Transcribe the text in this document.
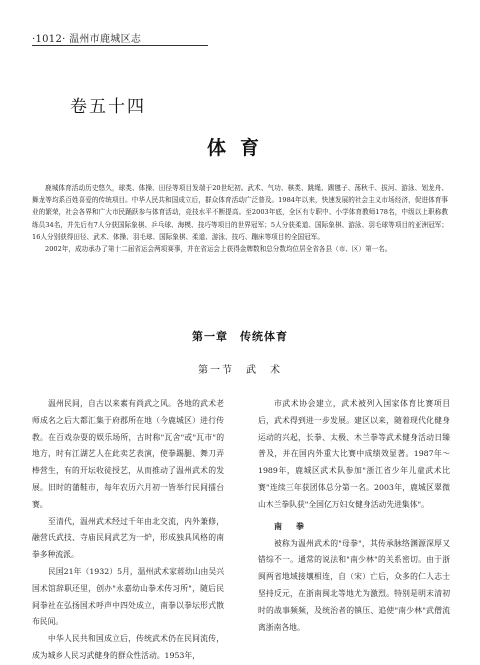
·1012· 温州市鹿城区志
卷五十四
体育

鹿城体育活动历史悠久，球类、体操、田径等项目发端于20世纪初。武术、气功、棋类、跳绳、踢毽子、荡秋千、拔河、游泳、划龙舟、舞龙等均系百姓喜爱的传统项目。中华人民共和国成立后，群众体育活动广泛普及。1984年以来，快速发展的社会主义市场经济，促进体育事业的繁荣，社会各界和广大市民踊跃参与体育活动，竞技水平不断提高。至2003年底，全区有专职中、小学体育教师178名，中级以上职称教练员34名，并先后有7人分获国际象棋、乒乓球、海模、技巧等项目的世界冠军；5人分获柔道、国际象棋、游泳、羽毛球等项目的亚洲冠军；16人分别获得田径、武术、体操、羽毛球、国际象棋、柔道、游泳、技巧、蹦床等项目的全国冠军。

2002年，成功承办了第十二届省运会两项赛事，并在省运会上获得金牌数和总分数均位居全省各县（市、区）第一名。

第一章　传统体育
第一节　武　术

温州民间，自古以来素有尚武之风。各地的武术老师成名之后大都汇集于府郡所在地（今鹿城区）进行传教。在百戏杂耍的娱乐场所，古时称"瓦舍"或"瓦市"的地方，时有江湖艺人在此卖艺表演，使拳踢腿、舞刀弄棒营生，有的开坛收徒授艺，从而推动了温州武术的发展。旧时的蒲鞋市，每年农历六月初一皆举行民间擂台赛。

至清代，温州武术经过千年由北交流，内外兼修，融营氏武技、寺庙民间武艺为一炉，形成独具风格的南拳多种流派。

民国21年（1932）5月，温州武术家蒋幼山由吴兴国术馆辞职还里，创办"永嘉幼山拳术传习所"，随后民间拳社在弘扬国术呼声中四处成立，南拳以拳坛形式散布民间。

中华人民共和国成立后，传统武术仍在民间流传，成为城乡人民习武健身的群众性活动。1953年，

市武术协会建立，武术被列入国家体育比赛项目后，武术得到进一步发展。建区以来，随着现代化健身运动的兴起，长拳、太极、木兰拳等武术健身活动日臻普及，并在国内外重大比赛中成绩效显著。1987年～1989年，鹿城区武术队参加"浙江省少年儿童武术比赛"连续三年获团体总分第一名。2003年，鹿城区翠微山木兰拳队获"全国亿万妇女健身活动先进集体"。

南　拳

被称为温州武术的"母拳"，其传承脉络渊源深厚又错综不一。通常的说法和"南少林"的关系密切。由于浙闽两省地域接壤相连，自（宋）亡后，众多的仁人志士坚持反元，在浙南闽北等地尤为激烈。特别是明末清初时的战事频频，及统治者的镇压、追使"南少林"武僧流离浙南各地。
